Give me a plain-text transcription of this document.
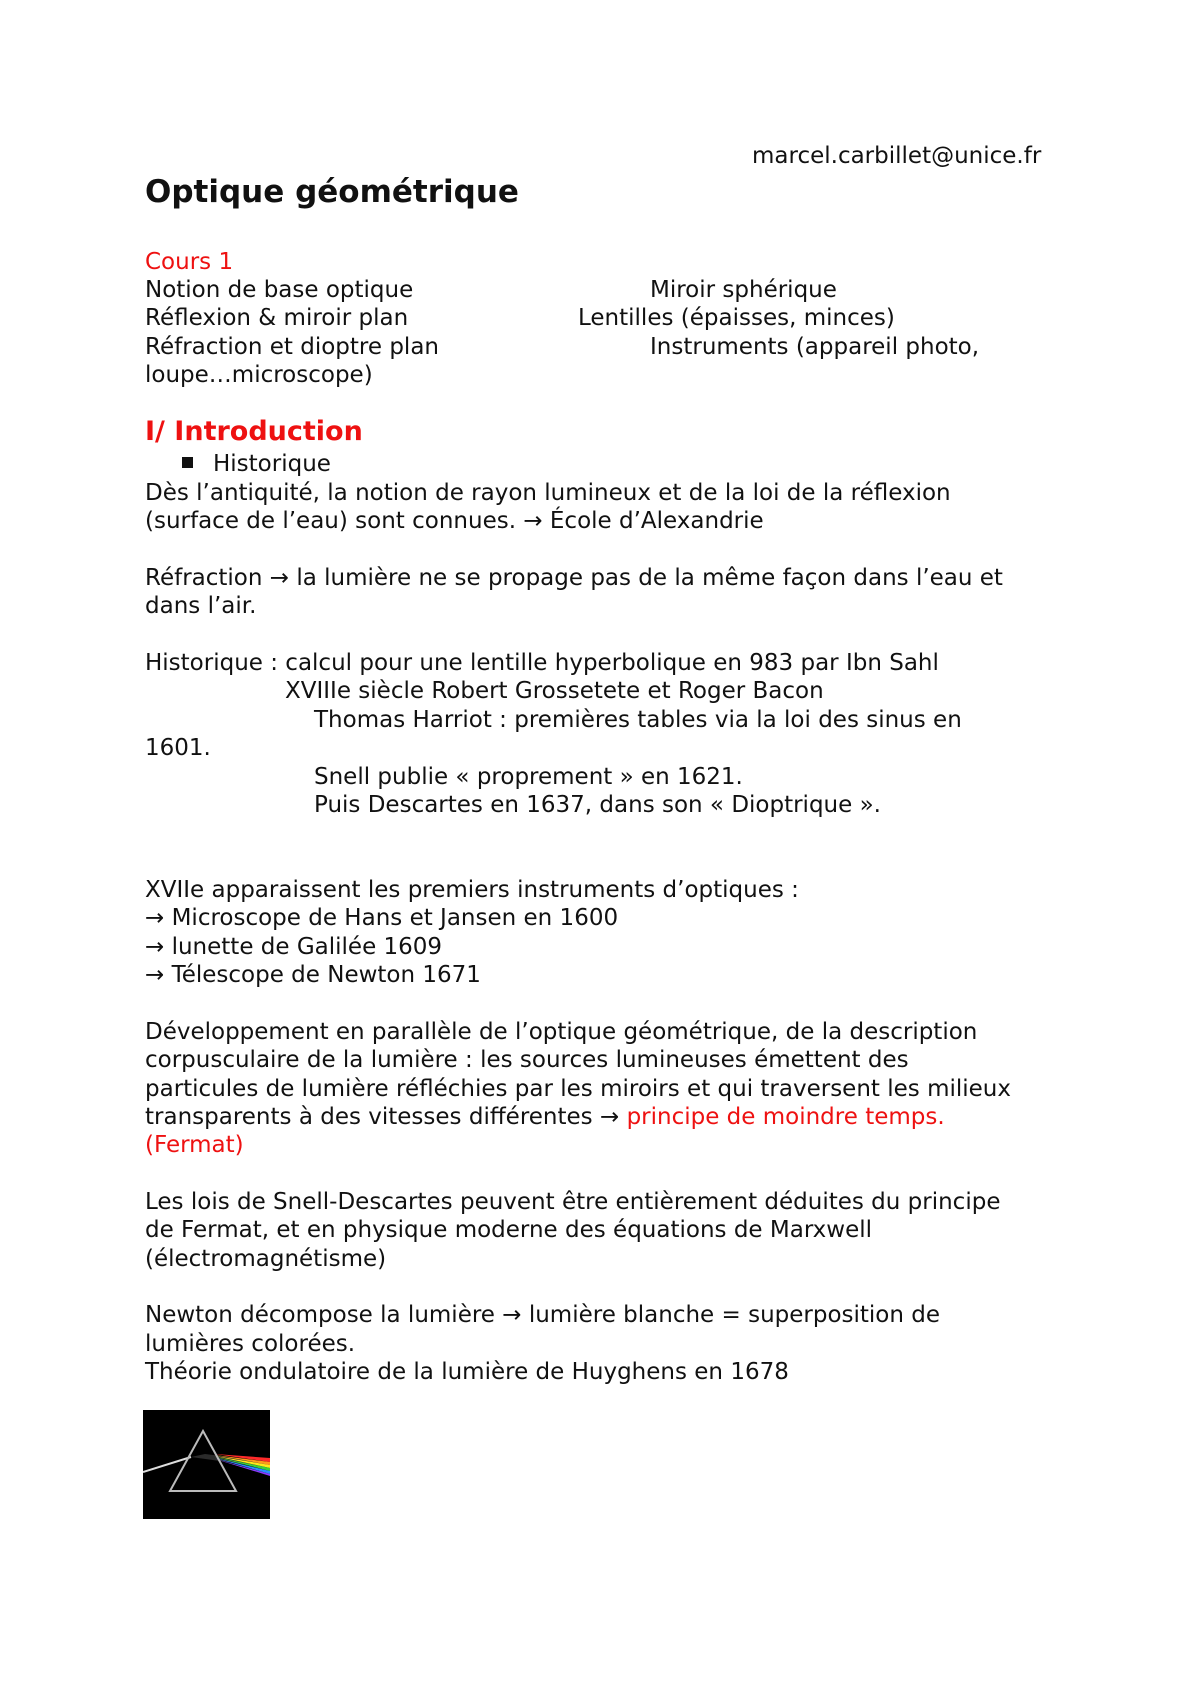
marcel.carbillet@unice.fr
Optique géométrique
Cours 1
Notion de base optique	Miroir sphérique
Réflexion & miroir plan	Lentilles (épaisses, minces)
Réfraction et dioptre plan	Instruments (appareil photo,
loupe…microscope)
I/ Introduction
Historique
Dès l’antiquité, la notion de rayon lumineux et de la loi de la réflexion
(surface de l’eau) sont connues. → École d’Alexandrie
Réfraction → la lumière ne se propage pas de la même façon dans l’eau et
dans l’air.
Historique : calcul pour une lentille hyperbolique en 983 par Ibn Sahl
XVIIIe siècle Robert Grossetete et Roger Bacon
Thomas Harriot : premières tables via la loi des sinus en
1601.
Snell publie « proprement » en 1621.
Puis Descartes en 1637, dans son « Dioptrique ».
XVIIe apparaissent les premiers instruments d’optiques :
→ Microscope de Hans et Jansen en 1600
→ lunette de Galilée 1609
→ Télescope de Newton 1671
Développement en parallèle de l’optique géométrique, de la description
corpusculaire de la lumière : les sources lumineuses émettent des
particules de lumière réfléchies par les miroirs et qui traversent les milieux
transparents à des vitesses différentes → principe de moindre temps.
(Fermat)
Les lois de Snell-Descartes peuvent être entièrement déduites du principe
de Fermat, et en physique moderne des équations de Marxwell
(électromagnétisme)
Newton décompose la lumière → lumière blanche = superposition de
lumières colorées.
Théorie ondulatoire de la lumière de Huyghens en 1678
